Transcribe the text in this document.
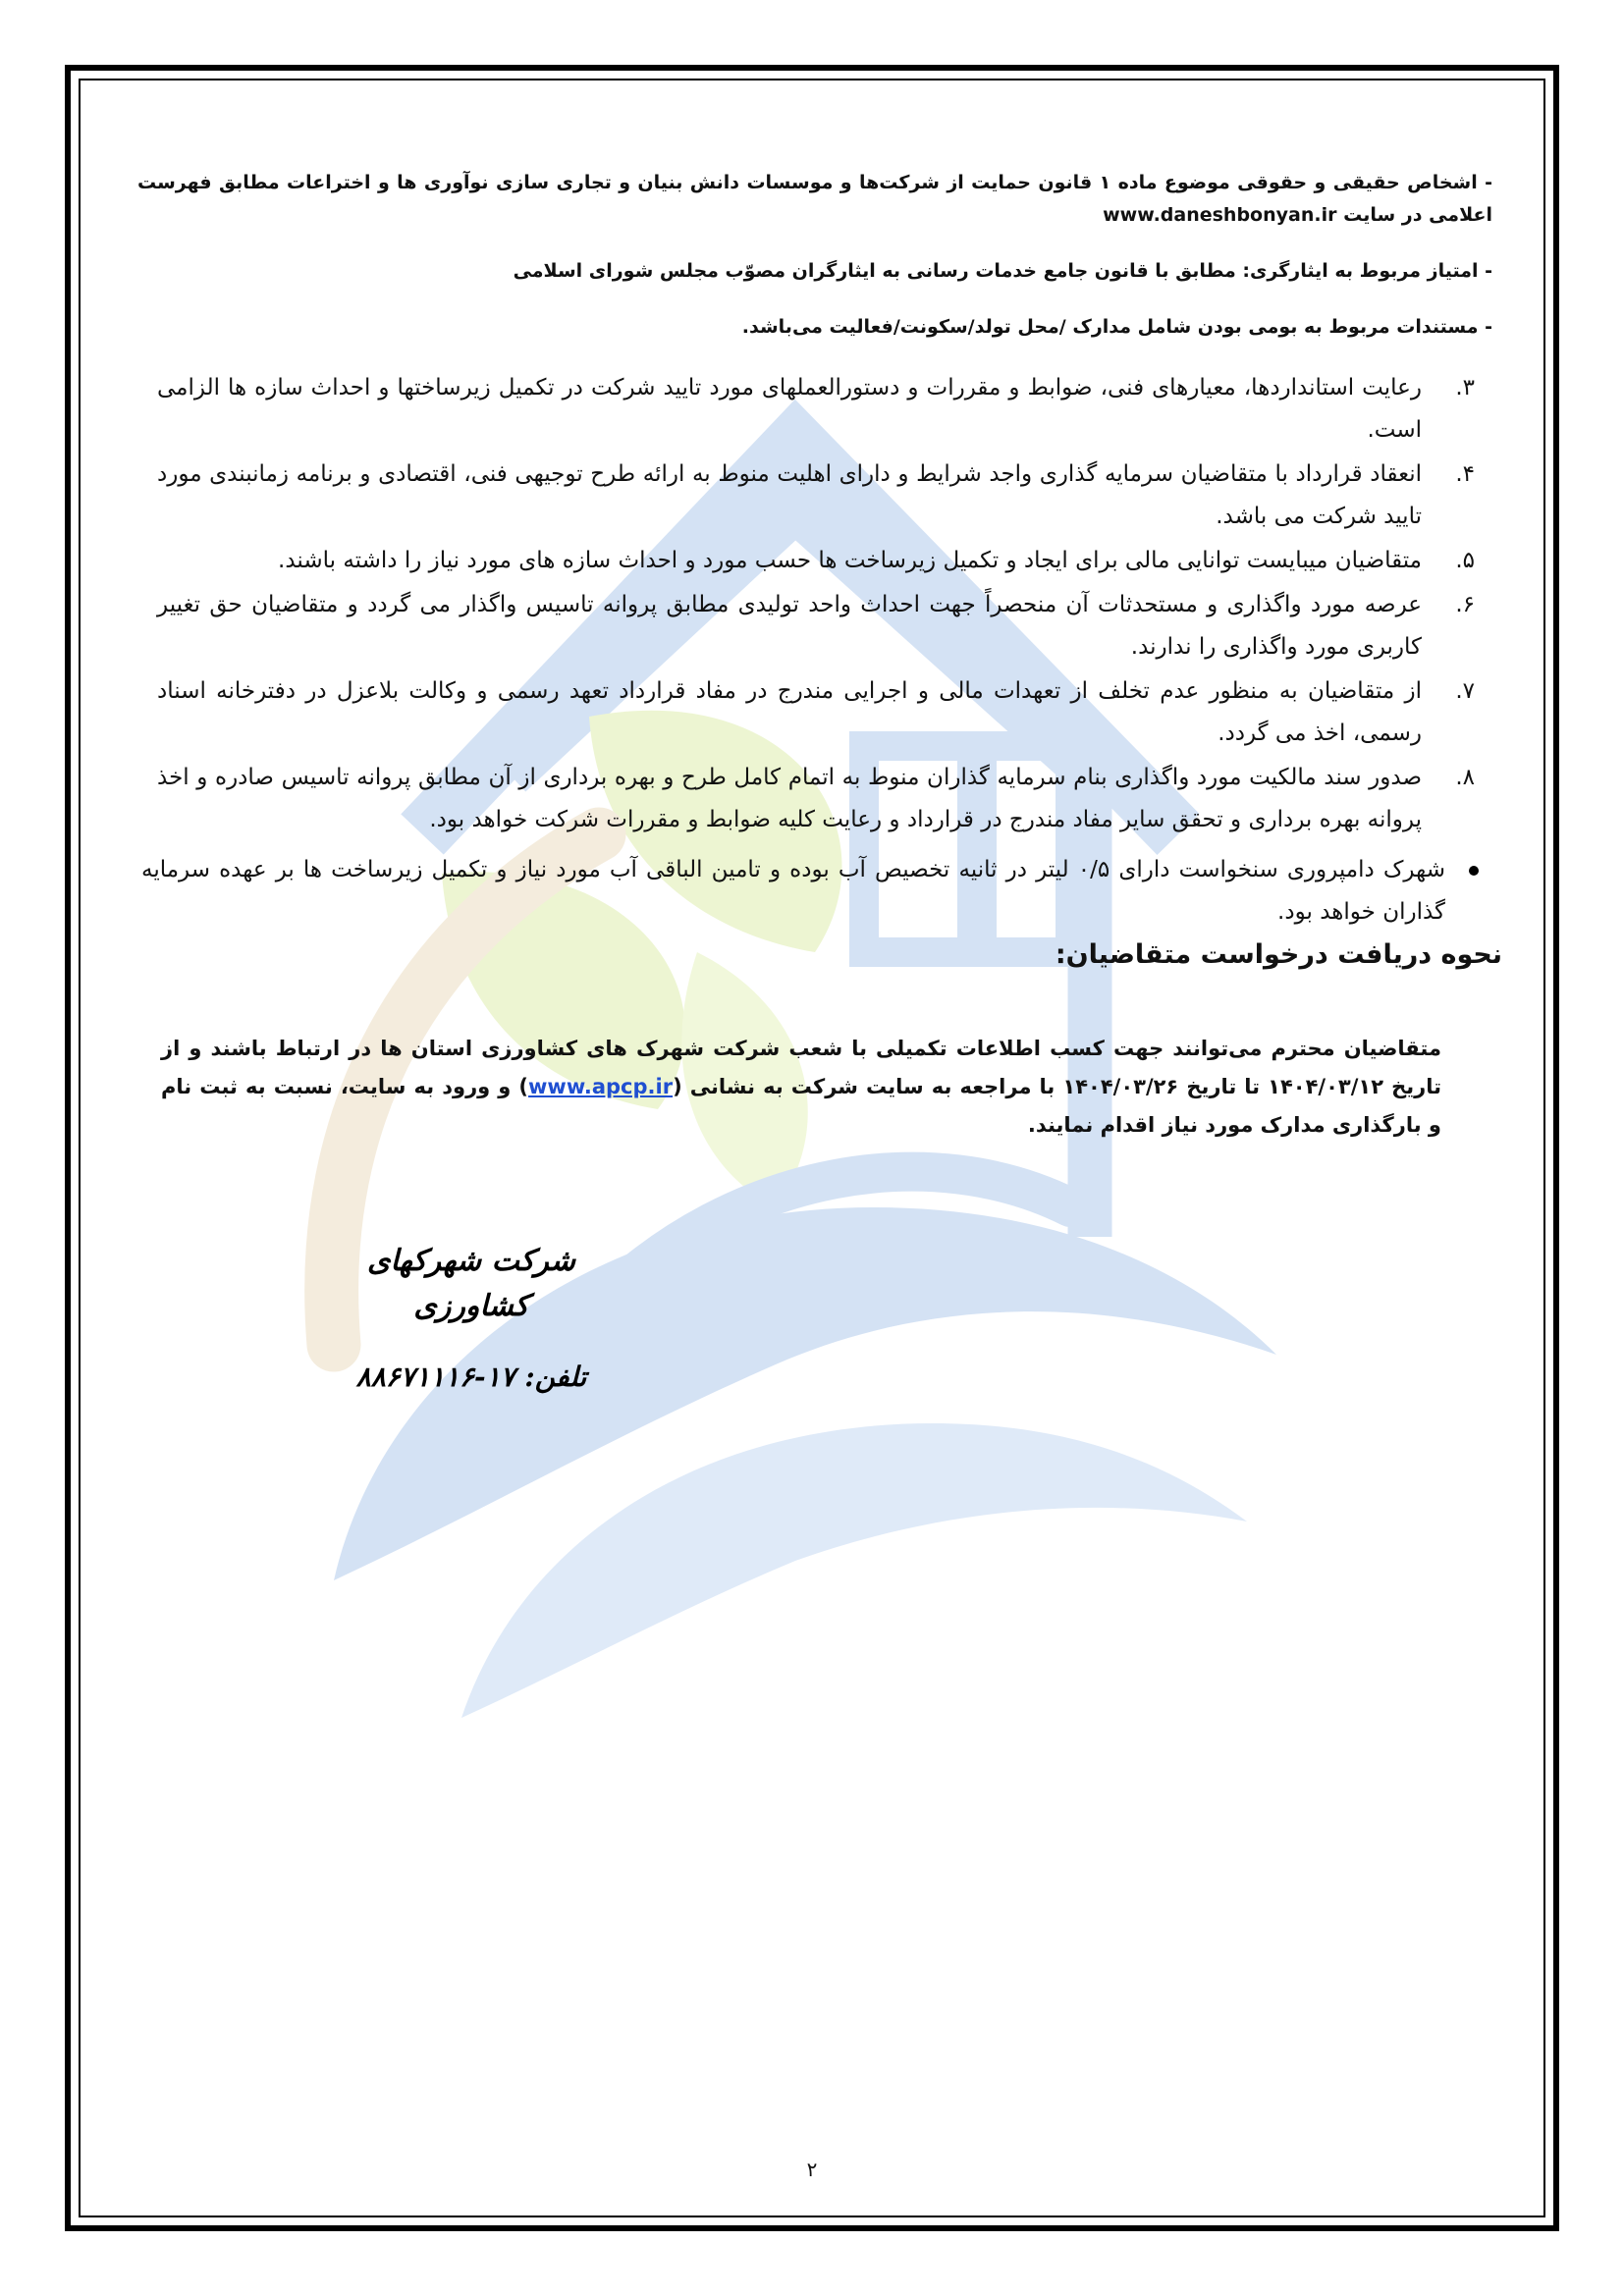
- اشخاص حقیقی و حقوقی موضوع ماده ۱ قانون حمایت از شرکت‌ها و موسسات دانش بنیان و تجاری سازی نوآوری ها و اختراعات مطابق فهرست اعلامی در سایت www.daneshbonyan.ir

- امتیاز مربوط به ایثارگری: مطابق با قانون جامع خدمات رسانی به ایثارگران مصوّب مجلس شورای اسلامی

- مستندات مربوط به بومی بودن شامل مدارک /محل تولد/سکونت/فعالیت می‌باشد.

۳.
رعایت استانداردها، معیارهای فنی، ضوابط و مقررات و دستورالعملهای مورد تایید شرکت در تکمیل زیرساختها و احداث سازه ها الزامی است.
۴.
انعقاد قرارداد با متقاضیان سرمایه گذاری واجد شرایط و دارای اهلیت منوط به ارائه طرح توجیهی فنی، اقتصادی و برنامه زمانبندی مورد تایید شرکت می باشد.
۵.
متقاضیان میبایست توانایی مالی برای ایجاد و تکمیل زیرساخت ها حسب مورد و احداث سازه های مورد نیاز را داشته باشند.
۶.
عرصه مورد واگذاری و مستحدثات آن منحصراً جهت احداث واحد تولیدی مطابق پروانه تاسیس واگذار می گردد و متقاضیان حق تغییر کاربری مورد واگذاری را ندارند.
۷.
از متقاضیان به منظور عدم تخلف از تعهدات مالی و اجرایی مندرج در مفاد قرارداد تعهد رسمی و وکالت بلاعزل در دفترخانه اسناد رسمی، اخذ می گردد.
۸.
صدور سند مالکیت مورد واگذاری بنام سرمایه گذاران منوط به اتمام کامل طرح و بهره برداری از آن مطابق پروانه تاسیس صادره و اخذ پروانه بهره برداری و تحقق سایر مفاد مندرج در قرارداد و رعایت کلیه ضوابط و مقررات شرکت خواهد بود.
شهرک دامپروری سنخواست دارای ۰/۵ لیتر در ثانیه تخصیص آب بوده و تامین الباقی آب مورد نیاز و تکمیل زیرساخت ها بر عهده سرمایه گذاران خواهد بود.
نحوه دریافت درخواست متقاضیان:

متقاضیان محترم می‌توانند جهت کسب اطلاعات تکمیلی با شعب شرکت شهرک های کشاورزی استان ها در ارتباط باشند و از تاریخ ۱۴۰۴/۰۳/۱۲ تا تاریخ ۱۴۰۴/۰۳/۲۶ با مراجعه به سایت شرکت به نشانی (www.apcp.ir) و ورود به سایت، نسبت به ثبت نام و بارگذاری مدارک مورد نیاز اقدام نمایند.

شرکت شهرکهای کشاورزی
تلفن: ۱۷-۸۸۶۷۱۱۱۶
۲
